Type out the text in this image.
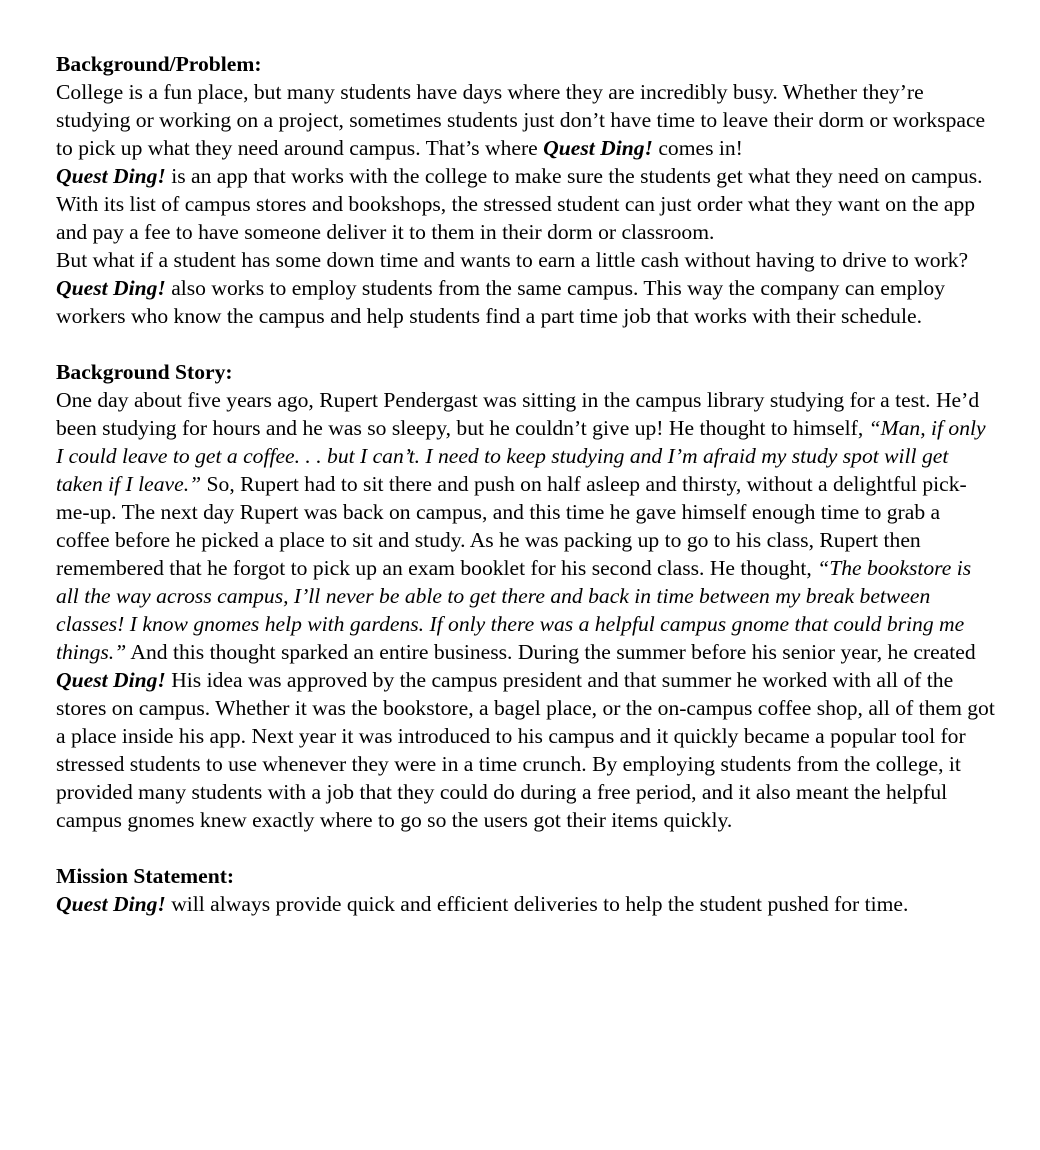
Background/Problem:

College is a fun place, but many students have days where they are incredibly busy. Whether they’re studying or working on a project, sometimes students just don’t have time to leave their dorm or workspace to pick up what they need around campus. That’s where Quest Ding! comes in!

Quest Ding! is an app that works with the college to make sure the students get what they need on campus. With its list of campus stores and bookshops, the stressed student can just order what they want on the app and pay a fee to have someone deliver it to them in their dorm or classroom.

But what if a student has some down time and wants to earn a little cash without having to drive to work? Quest Ding! also works to employ students from the same campus. This way the company can employ workers who know the campus and help students find a part time job that works with their schedule.

Background Story:

One day about five years ago, Rupert Pendergast was sitting in the campus library studying for a test. He’d been studying for hours and he was so sleepy, but he couldn’t give up! He thought to himself, “Man, if only I could leave to get a coffee. . . but I can’t. I need to keep studying and I’m afraid my study spot will get taken if I leave.” So, Rupert had to sit there and push on half asleep and thirsty, without a delightful pick-me-up. The next day Rupert was back on campus, and this time he gave himself enough time to grab a coffee before he picked a place to sit and study. As he was packing up to go to his class, Rupert then remembered that he forgot to pick up an exam booklet for his second class. He thought, “The bookstore is all the way across campus, I’ll never be able to get there and back in time between my break between classes! I know gnomes help with gardens. If only there was a helpful campus gnome that could bring me things.” And this thought sparked an entire business. During the summer before his senior year, he created Quest Ding! His idea was approved by the campus president and that summer he worked with all of the stores on campus. Whether it was the bookstore, a bagel place, or the on-campus coffee shop, all of them got a place inside his app. Next year it was introduced to his campus and it quickly became a popular tool for stressed students to use whenever they were in a time crunch. By employing students from the college, it provided many students with a job that they could do during a free period, and it also meant the helpful campus gnomes knew exactly where to go so the users got their items quickly.

Mission Statement:

Quest Ding! will always provide quick and efficient deliveries to help the student pushed for time.
